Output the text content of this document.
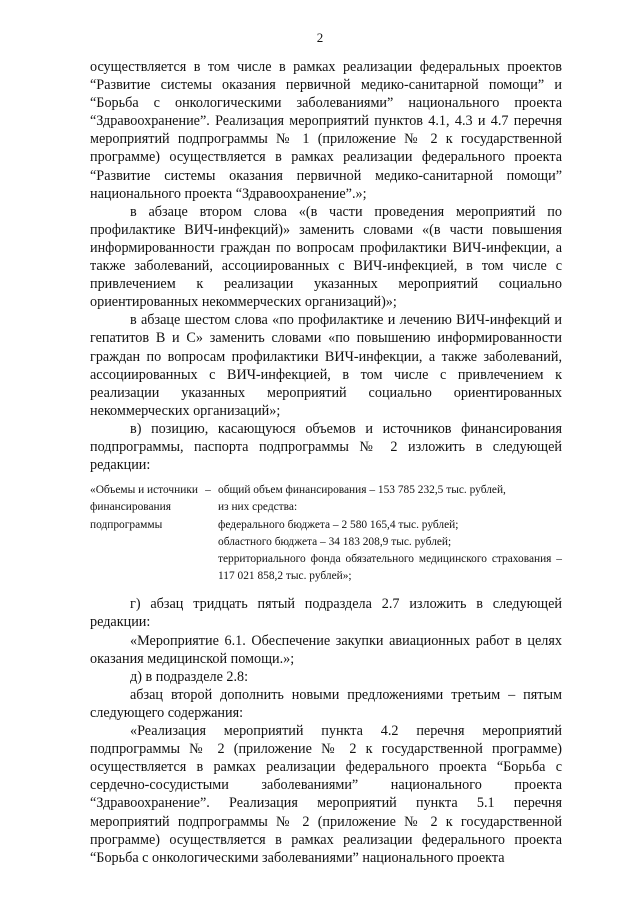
2

осуществляется в том числе в рамках реализации федеральных проектов “Развитие системы оказания первичной медико-санитарной помощи” и “Борьба с онкологическими заболеваниями” национального проекта “Здравоохранение”. Реализация мероприятий пунктов 4.1, 4.3 и 4.7 перечня мероприятий подпрограммы № 1 (приложение № 2 к государственной программе) осуществляется в рамках реализации федерального проекта “Развитие системы оказания первичной медико-санитарной помощи” национального проекта “Здравоохранение”.»;

в абзаце втором слова «(в части проведения мероприятий по профилактике ВИЧ-инфекций)» заменить словами «(в части повышения информированности граждан по вопросам профилактики ВИЧ-инфекции, а также заболеваний, ассоциированных с ВИЧ-инфекцией, в том числе с привлечением к реализации указанных мероприятий социально ориентированных некоммерческих организаций)»;

в абзаце шестом слова «по профилактике и лечению ВИЧ-инфекций и гепатитов В и С» заменить словами «по повышению информированности граждан по вопросам профилактики ВИЧ-инфекции, а также заболеваний, ассоциированных с ВИЧ-инфекцией, в том числе с привлечением к реализации указанных мероприятий социально ориентированных некоммерческих организаций»;

в) позицию, касающуюся объемов и источников финансирования подпрограммы, паспорта подпрограммы № 2 изложить в следующей редакции:

«Объемы и источники финансирования подпрограммы
– общий объем финансирования – 153 785 232,5 тыс. рублей,

из них средства:

федерального бюджета – 2 580 165,4 тыс. рублей;

областного бюджета – 34 183 208,9 тыс. рублей;

территориального фонда обязательного медицинского страхования – 117 021 858,2 тыс. рублей»;

г) абзац тридцать пятый подраздела 2.7 изложить в следующей редакции:

«Мероприятие 6.1. Обеспечение закупки авиационных работ в целях оказания медицинской помощи.»;

д) в подразделе 2.8:

абзац второй дополнить новыми предложениями третьим – пятым следующего содержания:

«Реализация мероприятий пункта 4.2 перечня мероприятий подпрограммы № 2 (приложение № 2 к государственной программе) осуществляется в рамках реализации федерального проекта “Борьба с сердечно-сосудистыми заболеваниями” национального проекта “Здравоохранение”. Реализация мероприятий пункта 5.1 перечня мероприятий подпрограммы № 2 (приложение № 2 к государственной программе) осуществляется в рамках реализации федерального проекта “Борьба с онкологическими заболеваниями” национального проекта
